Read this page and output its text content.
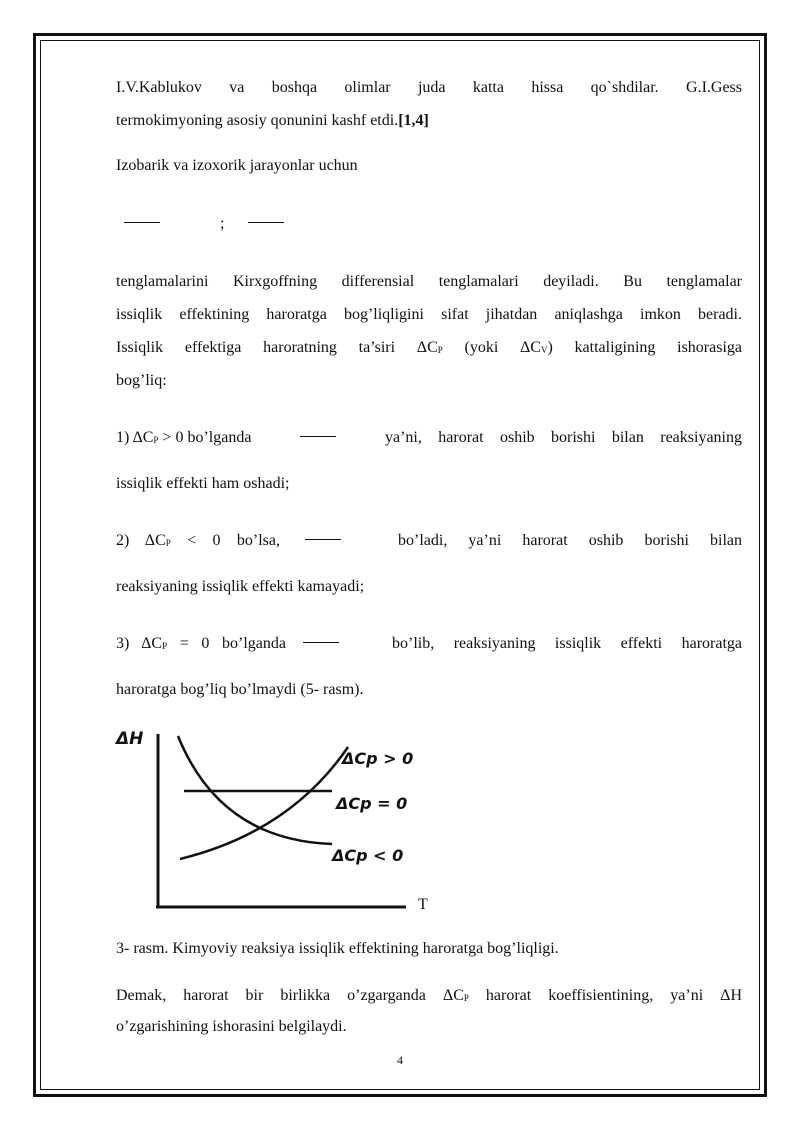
I.V.Kablukov va boshqa olimlar juda katta hissa qo`shdilar. G.I.Gess
termokimyoning asosiy qonunini kashf etdi.[1,4]
Izobarik va izoxorik jarayonlar uchun
;
tenglamalarini Kirxgoffning differensial tenglamalari deyiladi. Bu tenglamalar
issiqlik effektining haroratga bog’liqligini sifat jihatdan aniqlashga imkon beradi.
Issiqlik effektiga haroratning ta’siri ΔCP (yoki ΔCV) kattaligining ishorasiga
bog’liq:
1) ΔCP > 0 bo’lganda	ya’ni, harorat oshib borishi bilan reaksiyaning
issiqlik effekti ham oshadi;
2) ΔCP < 0 bo’lsa,	bo’ladi, ya’ni harorat oshib borishi bilan
reaksiyaning issiqlik effekti kamayadi;
3) ΔCP = 0 bo’lganda	bo’lib, reaksiyaning issiqlik effekti haroratga
haroratga bog’liq bo’lmaydi (5- rasm).
ΔH
T
ΔCp > 0
ΔCp = 0
ΔCp < 0
3- rasm. Kimyoviy reaksiya issiqlik effektining haroratga bog’liqligi.
Demak, harorat bir birlikka o’zgarganda ΔCP harorat koeffisientining, ya’ni ΔH
o’zgarishining ishorasini belgilaydi.
4
